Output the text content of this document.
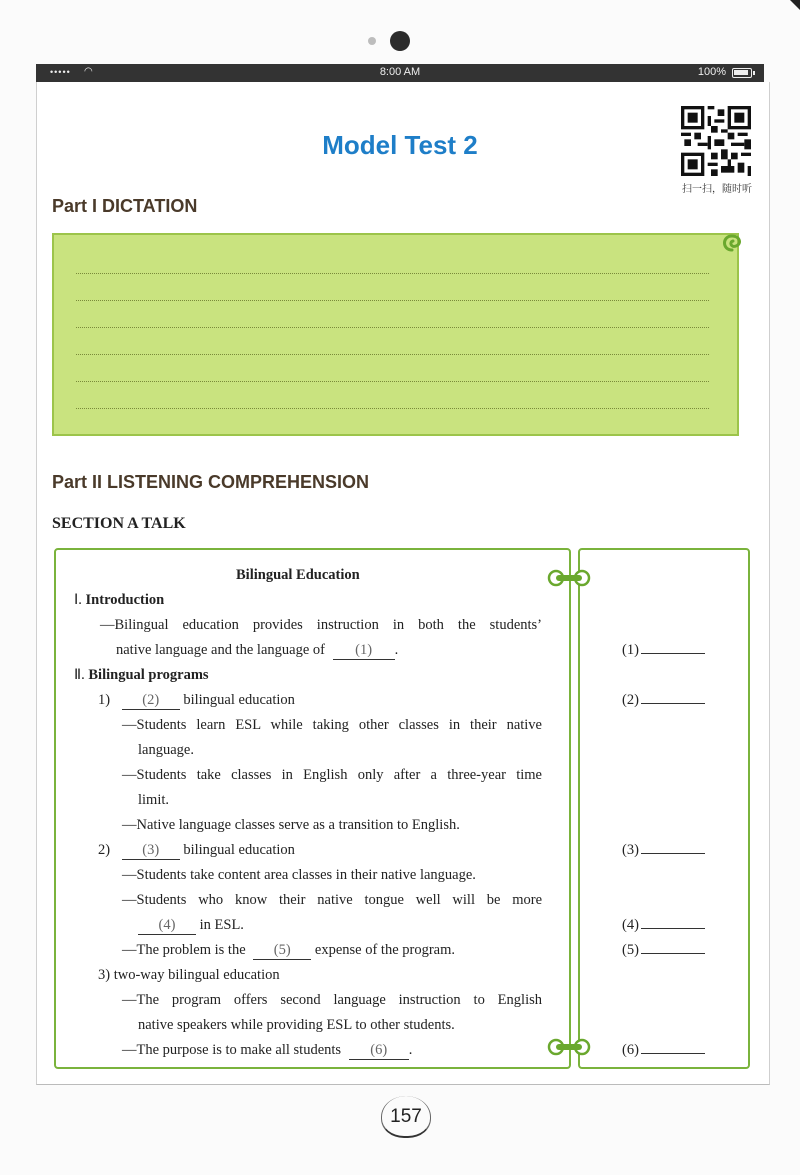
••••• ◠	8:00 AM	100%
Model Test 2
扫一扫，随时听
Part I DICTATION
Part II LISTENING COMPREHENSION
SECTION A TALK
Bilingual Education
Ⅰ. Introduction
—Bilingual education provides instruction in both the students’
native language and the language of (1) .
Ⅱ. Bilingual programs
1) (2) bilingual education
—Students learn ESL while taking other classes in their native
language.
—Students take classes in English only after a three-year time
limit.
—Native language classes serve as a transition to English.
2) (3) bilingual education
—Students take content area classes in their native language.
—Students who know their native tongue well will be more
(4) in ESL.
—The problem is the (5) expense of the program.
3) two-way bilingual education
—The program offers second language instruction to English
native speakers while providing ESL to other students.
—The purpose is to make all students (6) .
(1)
(2)
(3)
(4)
(5)
(6)
157
